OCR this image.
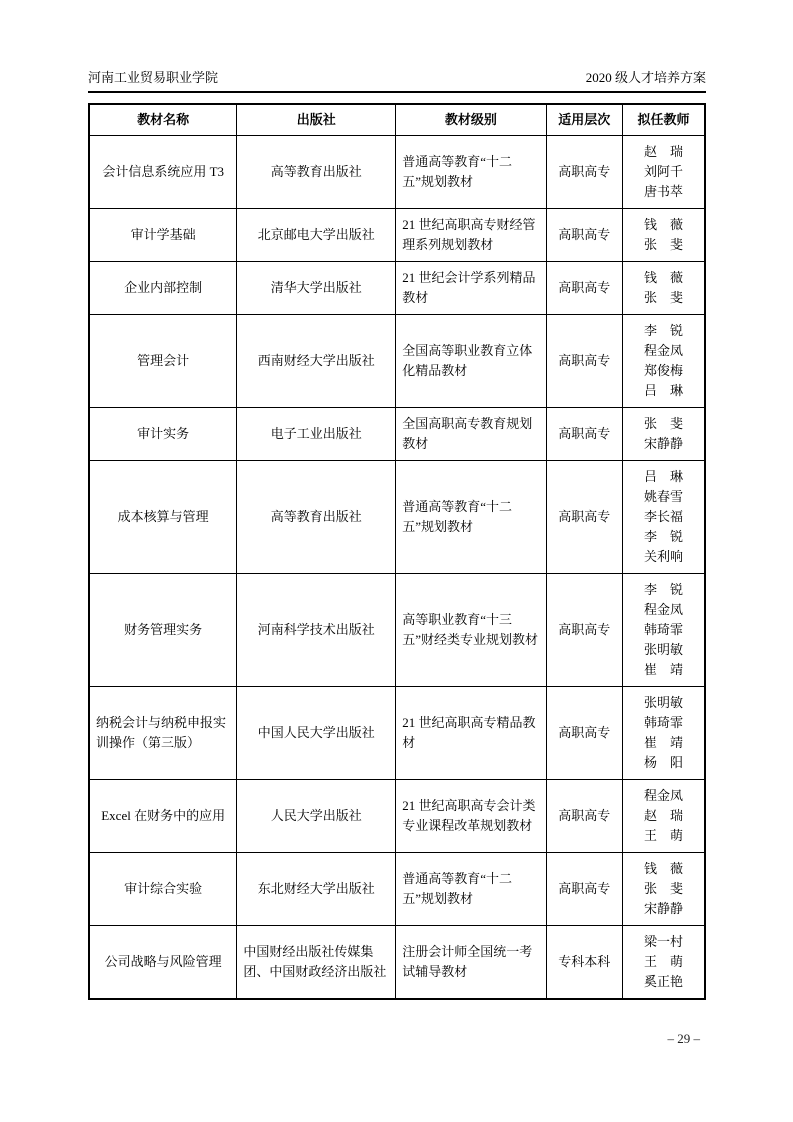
河南工业贸易职业学院	2020 级人才培养方案
教材名称	出版社	教材级别	适用层次	拟任教师
会计信息系统应用 T3	高等教育出版社	普通高等教育“十二五”规划教材	高职高专	赵　瑞
刘阿千
唐书萃

审计学基础	北京邮电大学出版社	21 世纪高职高专财经管理系列规划教材	高职高专	钱　薇
张　斐

企业内部控制	清华大学出版社	21 世纪会计学系列精品教材	高职高专	钱　薇
张　斐

管理会计	西南财经大学出版社	全国高等职业教育立体化精品教材	高职高专	李　锐
程金凤
郑俊梅
吕　琳

审计实务	电子工业出版社	全国高职高专教育规划教材	高职高专	张　斐
宋静静

成本核算与管理	高等教育出版社	普通高等教育“十二五”规划教材	高职高专	吕　琳
姚春雪
李长福
李　锐
关利响

财务管理实务	河南科学技术出版社	高等职业教育“十三五”财经类专业规划教材	高职高专	李　锐
程金凤
韩琦霏
张明敏
崔　靖

纳税会计与纳税申报实训操作（第三版）	中国人民大学出版社	21 世纪高职高专精品教材	高职高专	张明敏
韩琦霏
崔　靖
杨　阳

Excel 在财务中的应用	人民大学出版社	21 世纪高职高专会计类专业课程改革规划教材	高职高专	程金凤
赵　瑞
王　萌

审计综合实验	东北财经大学出版社	普通高等教育“十二五”规划教材	高职高专	钱　薇
张　斐
宋静静

公司战略与风险管理	中国财经出版社传媒集团、中国财政经济出版社	注册会计师全国统一考试辅导教材	专科本科	梁一村
王　萌
奚正艳
– 29 –
